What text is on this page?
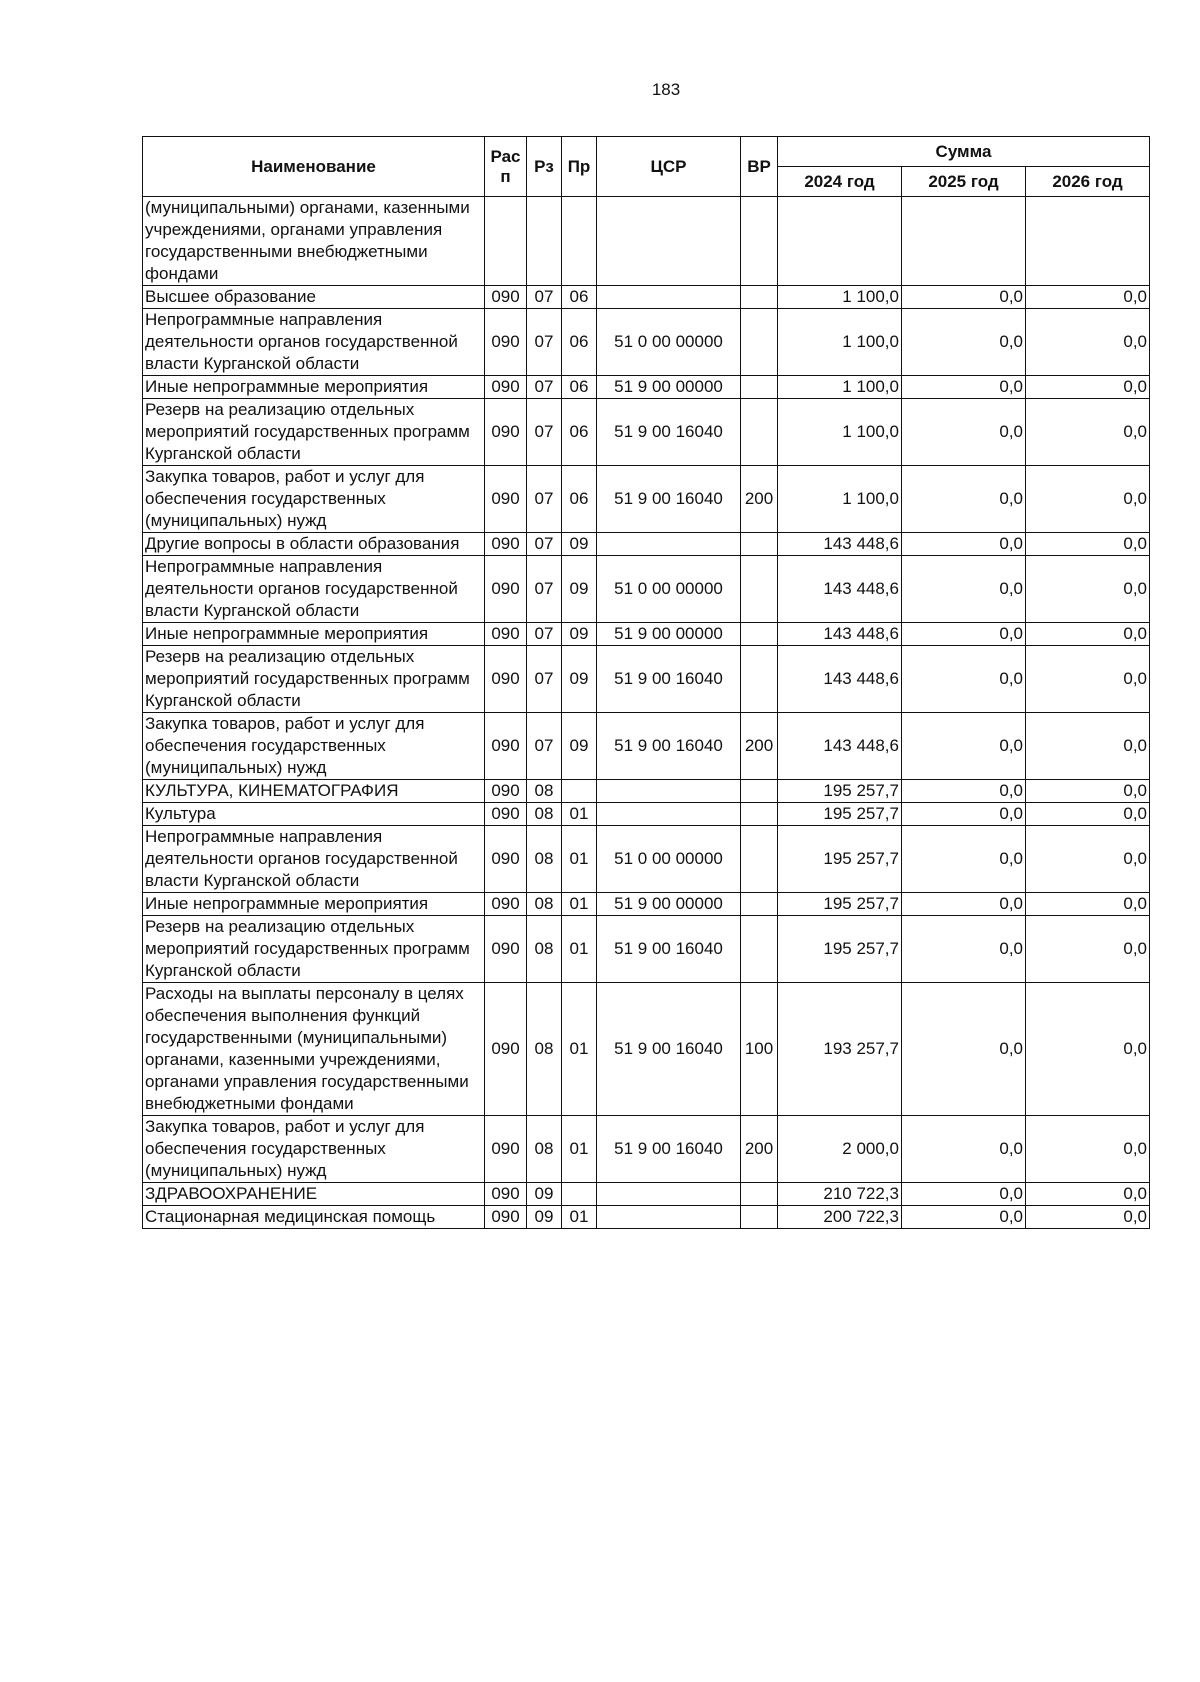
183
Наименование	Рас п	Рз	Пр	ЦСР	ВР	Сумма		
						2024 год	2025 год	2026 год
(муниципальными) органами, казенными учреждениями, органами управления государственными внебюджетными фондами								
Высшее образование	090	07	06			1 100,0	0,0	0,0
Непрограммные направления деятельности органов государственной власти Курганской области	090	07	06	51 0 00 00000		1 100,0	0,0	0,0
Иные непрограммные мероприятия	090	07	06	51 9 00 00000		1 100,0	0,0	0,0
Резерв на реализацию отдельных мероприятий государственных программ Курганской области	090	07	06	51 9 00 16040		1 100,0	0,0	0,0
Закупка товаров, работ и услуг для обеспечения государственных (муниципальных) нужд	090	07	06	51 9 00 16040	200	1 100,0	0,0	0,0
Другие вопросы в области образования	090	07	09			143 448,6	0,0	0,0
Непрограммные направления деятельности органов государственной власти Курганской области	090	07	09	51 0 00 00000		143 448,6	0,0	0,0
Иные непрограммные мероприятия	090	07	09	51 9 00 00000		143 448,6	0,0	0,0
Резерв на реализацию отдельных мероприятий государственных программ Курганской области	090	07	09	51 9 00 16040		143 448,6	0,0	0,0
Закупка товаров, работ и услуг для обеспечения государственных (муниципальных) нужд	090	07	09	51 9 00 16040	200	143 448,6	0,0	0,0
КУЛЬТУРА, КИНЕМАТОГРАФИЯ	090	08				195 257,7	0,0	0,0
Культура	090	08	01			195 257,7	0,0	0,0
Непрограммные направления деятельности органов государственной власти Курганской области	090	08	01	51 0 00 00000		195 257,7	0,0	0,0
Иные непрограммные мероприятия	090	08	01	51 9 00 00000		195 257,7	0,0	0,0
Резерв на реализацию отдельных мероприятий государственных программ Курганской области	090	08	01	51 9 00 16040		195 257,7	0,0	0,0
Расходы на выплаты персоналу в целях обеспечения выполнения функций государственными (муниципальными) органами, казенными учреждениями, органами управления государственными внебюджетными фондами	090	08	01	51 9 00 16040	100	193 257,7	0,0	0,0
Закупка товаров, работ и услуг для обеспечения государственных (муниципальных) нужд	090	08	01	51 9 00 16040	200	2 000,0	0,0	0,0
ЗДРАВООХРАНЕНИЕ	090	09				210 722,3	0,0	0,0
Стационарная медицинская помощь	090	09	01			200 722,3	0,0	0,0
